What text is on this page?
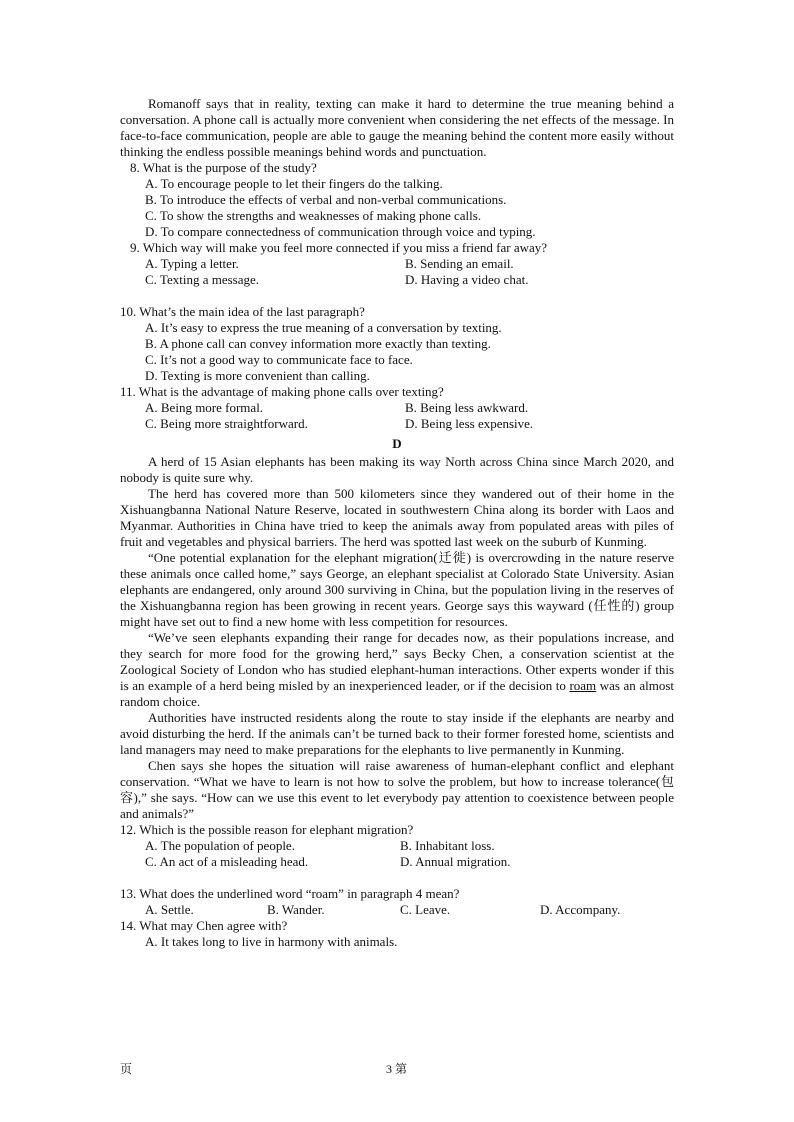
Romanoff says that in reality, texting can make it hard to determine the true meaning behind a conversation. A phone call is actually more convenient when considering the net effects of the message. In face-to-face communication, people are able to gauge the meaning behind the content more easily without thinking the endless possible meanings behind words and punctuation.

8. What is the purpose of the study?

A. To encourage people to let their fingers do the talking.

B. To introduce the effects of verbal and non-verbal communications.

C. To show the strengths and weaknesses of making phone calls.

D. To compare connectedness of communication through voice and typing.

9. Which way will make you feel more connected if you miss a friend far away?

A. Typing a letter.	B. Sending an email.
C. Texting a message.	D. Having a video chat.

10. What’s the main idea of the last paragraph?

A. It’s easy to express the true meaning of a conversation by texting.

B. A phone call can convey information more exactly than texting.

C. It’s not a good way to communicate face to face.

D. Texting is more convenient than calling.

11. What is the advantage of making phone calls over texting?

A. Being more formal.	B. Being less awkward.
C. Being more straightforward.	D. Being less expensive.

D

A herd of 15 Asian elephants has been making its way North across China since March 2020, and nobody is quite sure why.

The herd has covered more than 500 kilometers since they wandered out of their home in the Xishuangbanna National Nature Reserve, located in southwestern China along its border with Laos and Myanmar. Authorities in China have tried to keep the animals away from populated areas with piles of fruit and vegetables and physical barriers. The herd was spotted last week on the suburb of Kunming.

“One potential explanation for the elephant migration(迁徙) is overcrowding in the nature reserve these animals once called home,” says George, an elephant specialist at Colorado State University. Asian elephants are endangered, only around 300 surviving in China, but the population living in the reserves of the Xishuangbanna region has been growing in recent years. George says this wayward (任性的) group might have set out to find a new home with less competition for resources.

“We’ve seen elephants expanding their range for decades now, as their populations increase, and they search for more food for the growing herd,” says Becky Chen, a conservation scientist at the Zoological Society of London who has studied elephant-human interactions. Other experts wonder if this is an example of a herd being misled by an inexperienced leader, or if the decision to roam was an almost random choice.

Authorities have instructed residents along the route to stay inside if the elephants are nearby and avoid disturbing the herd. If the animals can’t be turned back to their former forested home, scientists and land managers may need to make preparations for the elephants to live permanently in Kunming.

Chen says she hopes the situation will raise awareness of human-elephant conflict and elephant conservation. “What we have to learn is not how to solve the problem, but how to increase tolerance(包容),” she says. “How can we use this event to let everybody pay attention to coexistence between people and animals?”

12. Which is the possible reason for elephant migration?

A. The population of people.	B. Inhabitant loss.
C. An act of a misleading head.	D. Annual migration.

13. What does the underlined word “roam” in paragraph 4 mean?

A. Settle.	B. Wander.	C. Leave.	D. Accompany.

14. What may Chen agree with?

A. It takes long to live in harmony with animals.

页	3 第
